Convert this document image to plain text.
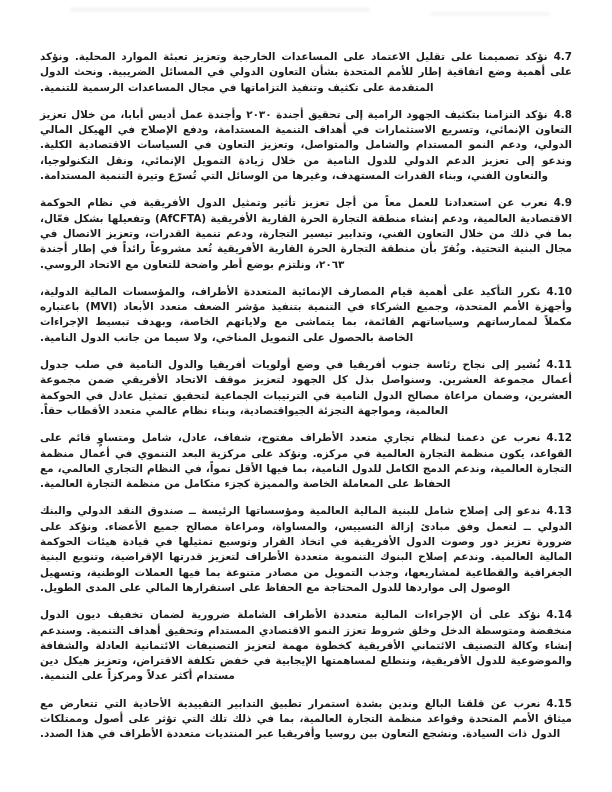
4.7نؤكد تصميمنا على تقليل الاعتماد على المساعدات الخارجية وتعزيز تعبئة الموارد المحلية. ونؤكد على أهمية وضع اتفاقية إطار للأمم المتحدة بشأن التعاون الدولي في المسائل الضريبية. ونحث الدول المتقدمة على تكثيف وتنفيذ التزاماتها في مجال المساعدات الرسمية للتنمية.

4.8نؤكد التزامنا بتكثيف الجهود الرامية إلى تحقيق أجندة ٢٠٣٠ وأجندة عمل أديس أبابا، من خلال تعزيز التعاون الإنمائي، وتسريع الاستثمارات في أهداف التنمية المستدامة، ودفع الإصلاح في الهيكل المالي الدولي، ودعم النمو المستدام والشامل والمتواصل، وتعزيز التعاون في السياسات الاقتصادية الكلية. وندعو إلى تعزيز الدعم الدولي للدول النامية من خلال زيادة التمويل الإنمائي، ونقل التكنولوجيا، والتعاون الفني، وبناء القدرات المستهدف، وغيرها من الوسائل التي تُسرّع وتيرة التنمية المستدامة.

4.9نعرب عن استعدادنا للعمل معاً من أجل تعزيز تأثير وتمثيل الدول الأفريقية في نظام الحوكمة الاقتصادية العالمية، ودعم إنشاء منطقة التجارة الحرة القارية الأفريقية (AfCFTA) وتفعيلها بشكل فعّال، بما في ذلك من خلال التعاون الفني، وتدابير تيسير التجارة، ودعم تنمية القدرات، وتعزيز الاتصال في مجال البنية التحتية. ونُقرّ بأن منطقة التجارة الحرة القارية الأفريقية تُعد مشروعاً رائداً في إطار أجندة ٢٠٦٣، ونلتزم بوضع أطر واضحة للتعاون مع الاتحاد الروسي.

4.10نكرر التأكيد على أهمية قيام المصارف الإنمائية المتعددة الأطراف، والمؤسسات المالية الدولية، وأجهزة الأمم المتحدة، وجميع الشركاء في التنمية بتنفيذ مؤشر الضعف متعدد الأبعاد (MVI) باعتباره مكملاً لممارساتهم وسياساتهم القائمة، بما يتماشى مع ولاياتهم الخاصة، وبهدف تبسيط الإجراءات الخاصة بالحصول على التمويل المناخي، ولا سيما من جانب الدول النامية.

4.11نُشير إلى نجاح رئاسة جنوب أفريقيا في وضع أولويات أفريقيا والدول النامية في صلب جدول أعمال مجموعة العشرين. وسنواصل بذل كل الجهود لتعزيز موقف الاتحاد الأفريقي ضمن مجموعة العشرين، وضمان مراعاة مصالح الدول النامية في الترتيبات الجماعية لتحقيق تمثيل عادل في الحوكمة العالمية، ومواجهة التجزئة الجيواقتصادية، وبناء نظام عالمي متعدد الأقطاب حقاً.

4.12نعرب عن دعمنا لنظام تجاري متعدد الأطراف مفتوح، شفاف، عادل، شامل ومتساوٍ قائم على القواعد، يكون منظمة التجارة العالمية في مركزه. ونؤكد على مركزية البعد التنموي في أعمال منظمة التجارة العالمية، وندعم الدمج الكامل للدول النامية، بما فيها الأقل نمواً، في النظام التجاري العالمي، مع الحفاظ على المعاملة الخاصة والمميزة كجزء متكامل من منظمة التجارة العالمية.

4.13ندعو إلى إصلاح شامل للبنية المالية العالمية ومؤسساتها الرئيسة ــ صندوق النقد الدولي والبنك الدولي ــ لتعمل وفق مبادئ إزالة التسييس، والمساواة، ومراعاة مصالح جميع الأعضاء. ونؤكد على ضرورة تعزيز دور وصوت الدول الأفريقية في اتخاذ القرار وتوسيع تمثيلها في قيادة هيئات الحوكمة المالية العالمية. وندعم إصلاح البنوك التنموية متعددة الأطراف لتعزيز قدرتها الإقراضية، وتنويع البنية الجغرافية والقطاعية لمشاريعها، وجذب التمويل من مصادر متنوعة بما فيها العملات الوطنية، وتسهيل الوصول إلى مواردها للدول المحتاجة مع الحفاظ على استقرارها المالي على المدى الطويل.

4.14نؤكد على أن الإجراءات المالية متعددة الأطراف الشاملة ضرورية لضمان تخفيف ديون الدول منخفضة ومتوسطة الدخل وخلق شروط تعزز النمو الاقتصادي المستدام وتحقيق أهداف التنمية. وسندعم إنشاء وكالة التصنيف الائتماني الأفريقية كخطوة مهمة لتعزيز التصنيفات الائتمانية العادلة والشفافة والموضوعية للدول الأفريقية، ونتطلع لمساهمتها الإيجابية في خفض تكلفة الاقتراض، وتعزيز هيكل دين مستدام أكثر عدلاً ومركزاً على التنمية.

4.15نعرب عن قلقنا البالغ وندين بشدة استمرار تطبيق التدابير التقييدية الأحادية التي تتعارض مع ميثاق الأمم المتحدة وقواعد منظمة التجارة العالمية، بما في ذلك تلك التي تؤثر على أصول وممتلكات الدول ذات السيادة. ونشجع التعاون بين روسيا وأفريقيا عبر المنتديات متعددة الأطراف في هذا الصدد.
